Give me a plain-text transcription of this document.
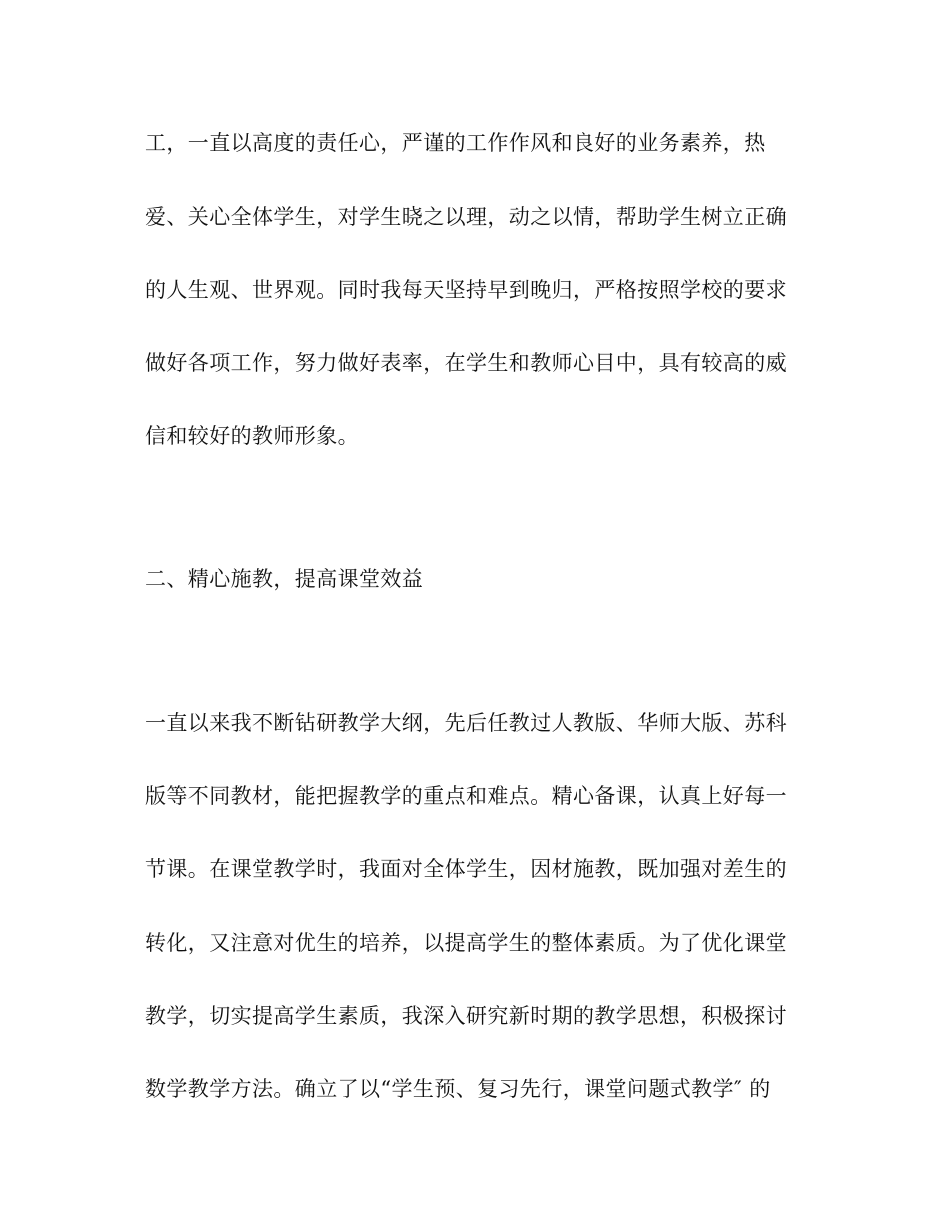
工，一直以高度的责任心，严谨的工作作风和良好的业务素养，热
爱、关心全体学生，对学生晓之以理，动之以情，帮助学生树立正确
的人生观、世界观。同时我每天坚持早到晚归，严格按照学校的要求
做好各项工作，努力做好表率，在学生和教师心目中，具有较高的威
信和较好的教师形象。
二、精心施教，提高课堂效益
一直以来我不断钻研教学大纲，先后任教过人教版、华师大版、苏科
版等不同教材，能把握教学的重点和难点。精心备课，认真上好每一
节课。在课堂教学时，我面对全体学生，因材施教，既加强对差生的
转化，又注意对优生的培养，以提高学生的整体素质。为了优化课堂
教学，切实提高学生素质，我深入研究新时期的教学思想，积极探讨
数学教学方法。确立了以“学生预、复习先行，课堂问题式教学″ 的
